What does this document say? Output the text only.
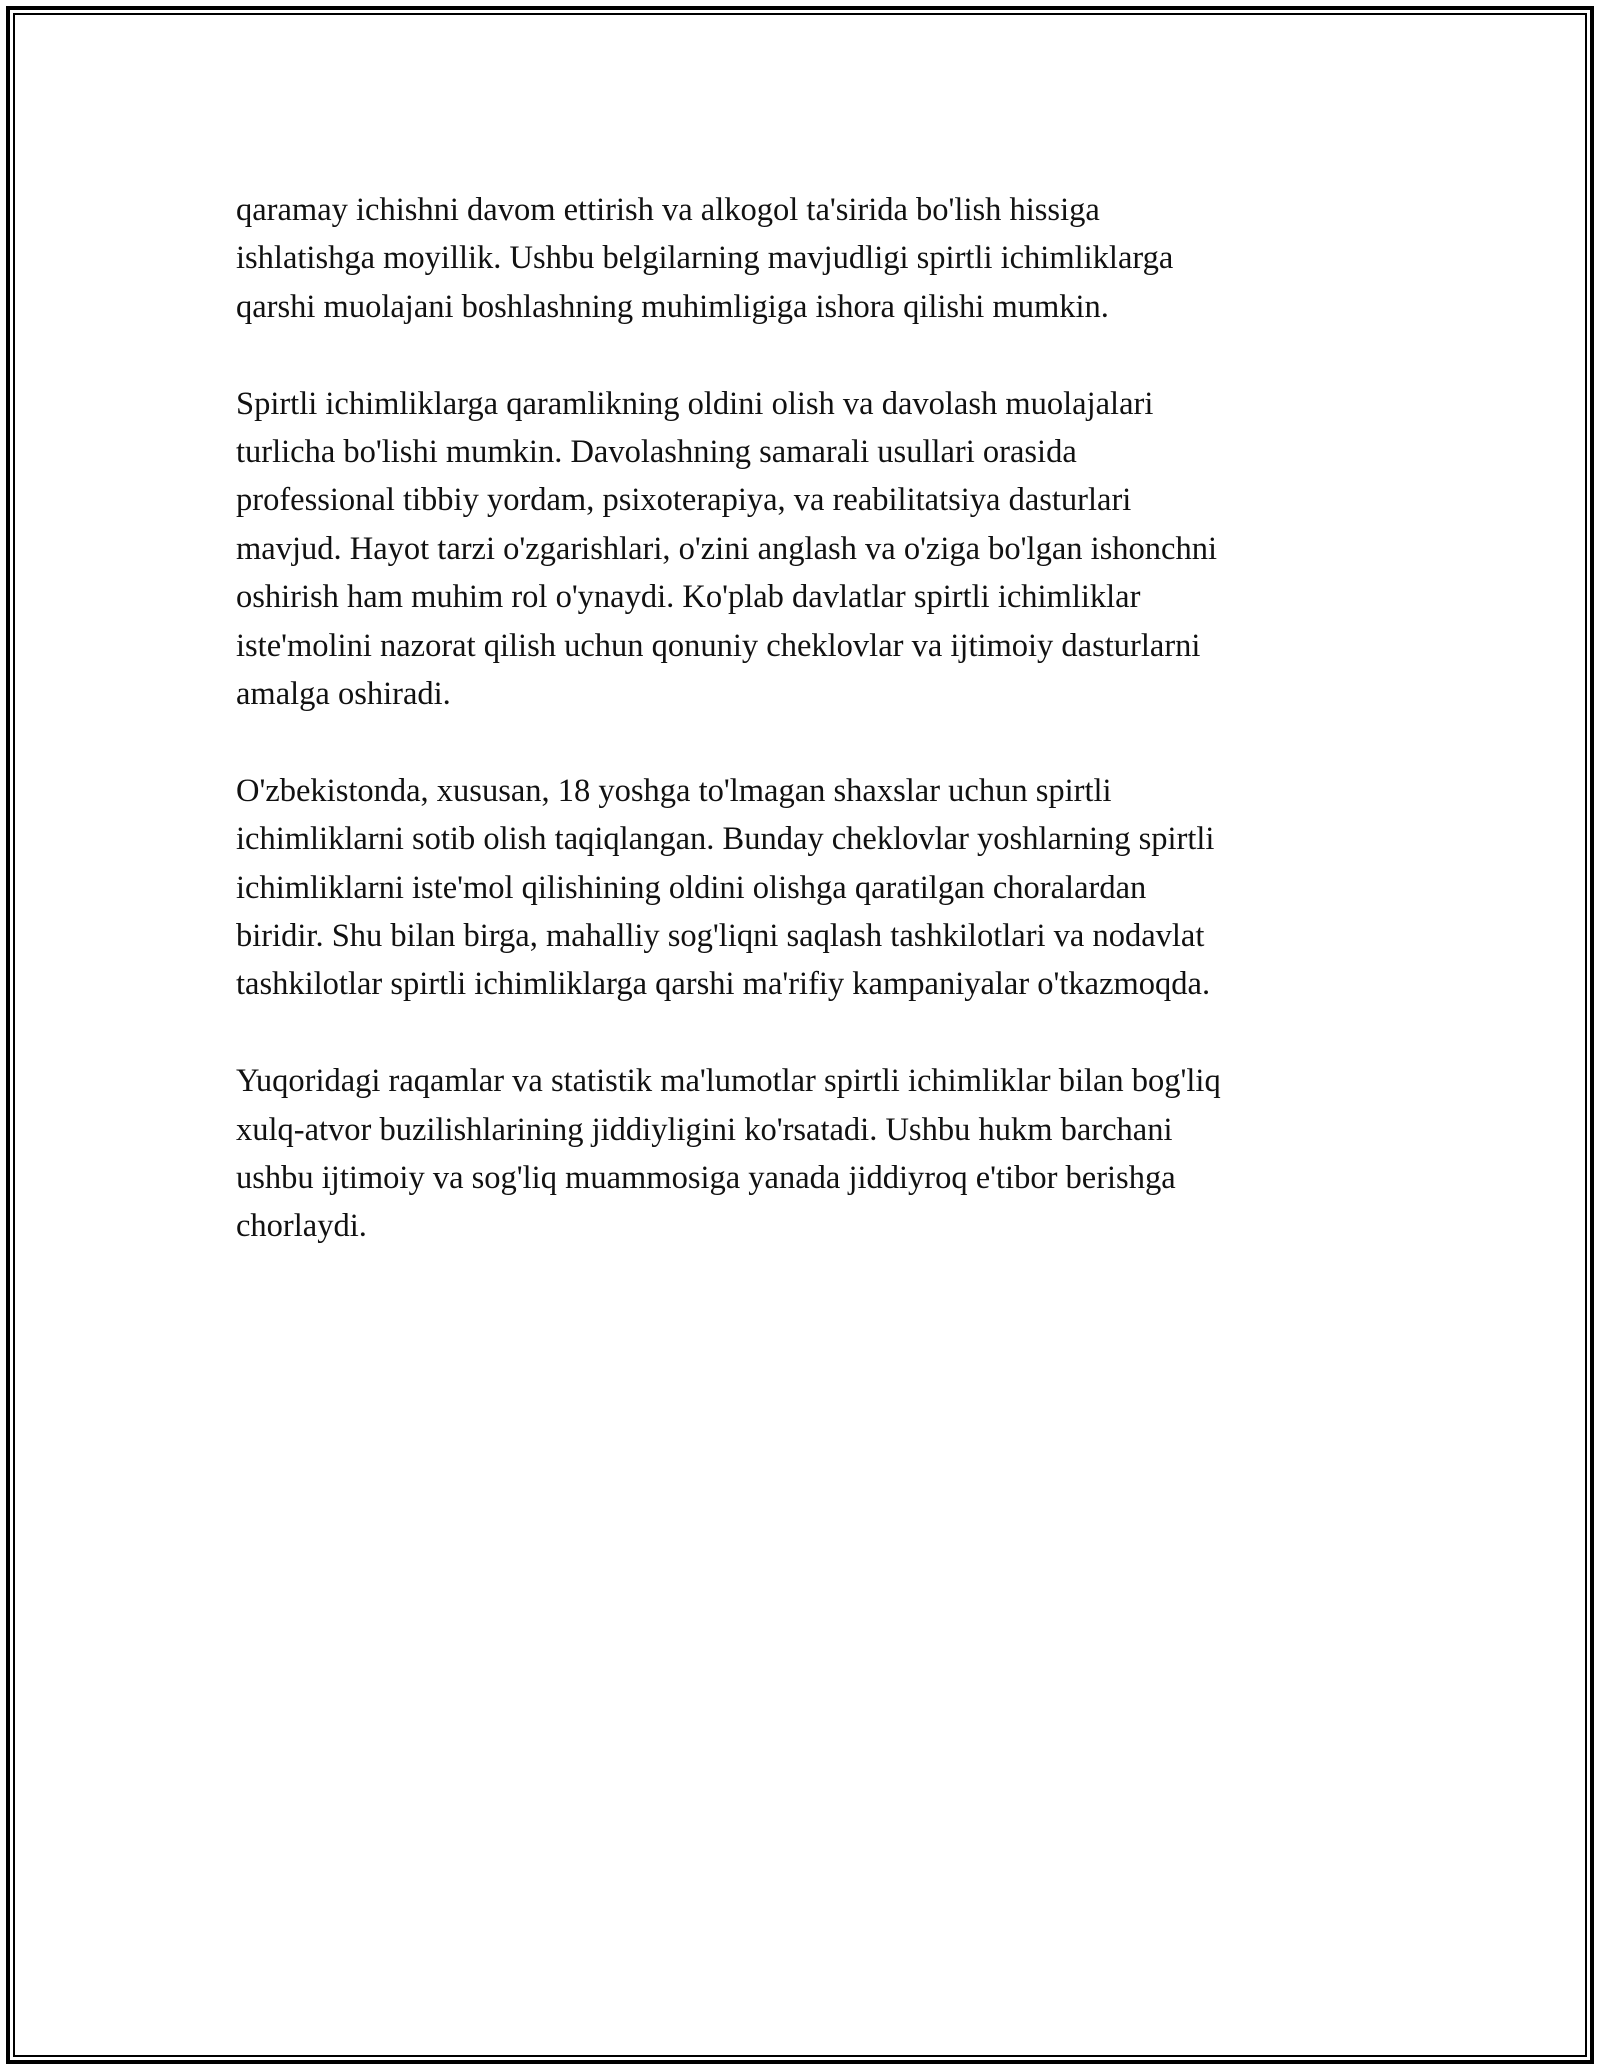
qaramay ichishni davom ettirish va alkogol ta'sirida bo'lish hissiga
ishlatishga moyillik. Ushbu belgilarning mavjudligi spirtli ichimliklarga
qarshi muolajani boshlashning muhimligiga ishora qilishi mumkin.

Spirtli ichimliklarga qaramlikning oldini olish va davolash muolajalari
turlicha bo'lishi mumkin. Davolashning samarali usullari orasida
professional tibbiy yordam, psixoterapiya, va reabilitatsiya dasturlari
mavjud. Hayot tarzi o'zgarishlari, o'zini anglash va o'ziga bo'lgan ishonchni
oshirish ham muhim rol o'ynaydi. Ko'plab davlatlar spirtli ichimliklar
iste'molini nazorat qilish uchun qonuniy cheklovlar va ijtimoiy dasturlarni
amalga oshiradi.

O'zbekistonda, xususan, 18 yoshga to'lmagan shaxslar uchun spirtli
ichimliklarni sotib olish taqiqlangan. Bunday cheklovlar yoshlarning spirtli
ichimliklarni iste'mol qilishining oldini olishga qaratilgan choralardan
biridir. Shu bilan birga, mahalliy sog'liqni saqlash tashkilotlari va nodavlat
tashkilotlar spirtli ichimliklarga qarshi ma'rifiy kampaniyalar o'tkazmoqda.

Yuqoridagi raqamlar va statistik ma'lumotlar spirtli ichimliklar bilan bog'liq
xulq-atvor buzilishlarining jiddiyligini ko'rsatadi. Ushbu hukm barchani
ushbu ijtimoiy va sog'liq muammosiga yanada jiddiyroq e'tibor berishga
chorlaydi.
